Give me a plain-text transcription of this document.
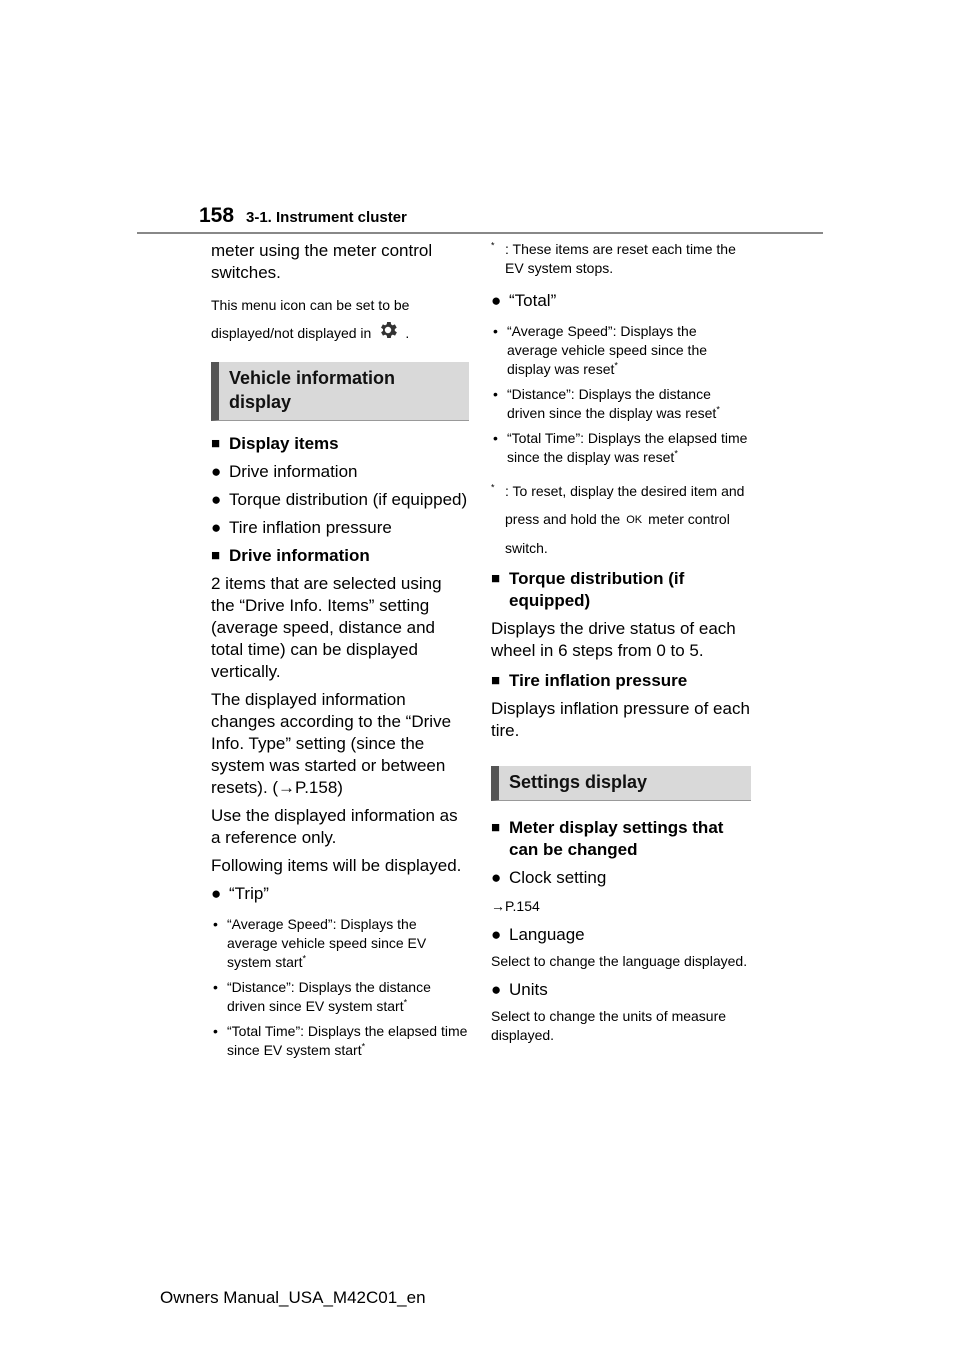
158 3-1. Instrument cluster

meter using the meter control switches.

This menu icon can be set to be displayed/not displayed in .

Vehicle information display
■ Display items
● Drive information
● Torque distribution (if equipped)
● Tire inflation pressure
■ Drive information

2 items that are selected using the “Drive Info. Items” setting (average speed, distance and total time) can be displayed vertically.

The displayed information changes according to the “Drive Info. Type” setting (since the system was started or between resets). (→P.158)

Use the displayed information as a reference only.

Following items will be displayed.

● “Trip”
• “Average Speed”: Displays the average vehicle speed since EV system start*
• “Distance”: Displays the distance driven since EV system start*
• “Total Time”: Displays the elapsed time since EV system start*
* : These items are reset each time the EV system stops.
● “Total”
• “Average Speed”: Displays the average vehicle speed since the display was reset*
• “Distance”: Displays the distance driven since the display was reset*
• “Total Time”: Displays the elapsed time since the display was reset*
* : To reset, display the desired item and press and hold the OK meter control switch.
■ Torque distribution (if equipped)

Displays the drive status of each wheel in 6 steps from 0 to 5.

■ Tire inflation pressure

Displays inflation pressure of each tire.

Settings display
■ Meter display settings that can be changed
● Clock setting

→P.154

● Language

Select to change the language displayed.

● Units

Select to change the units of measure displayed.

Owners Manual_USA_M42C01_en
